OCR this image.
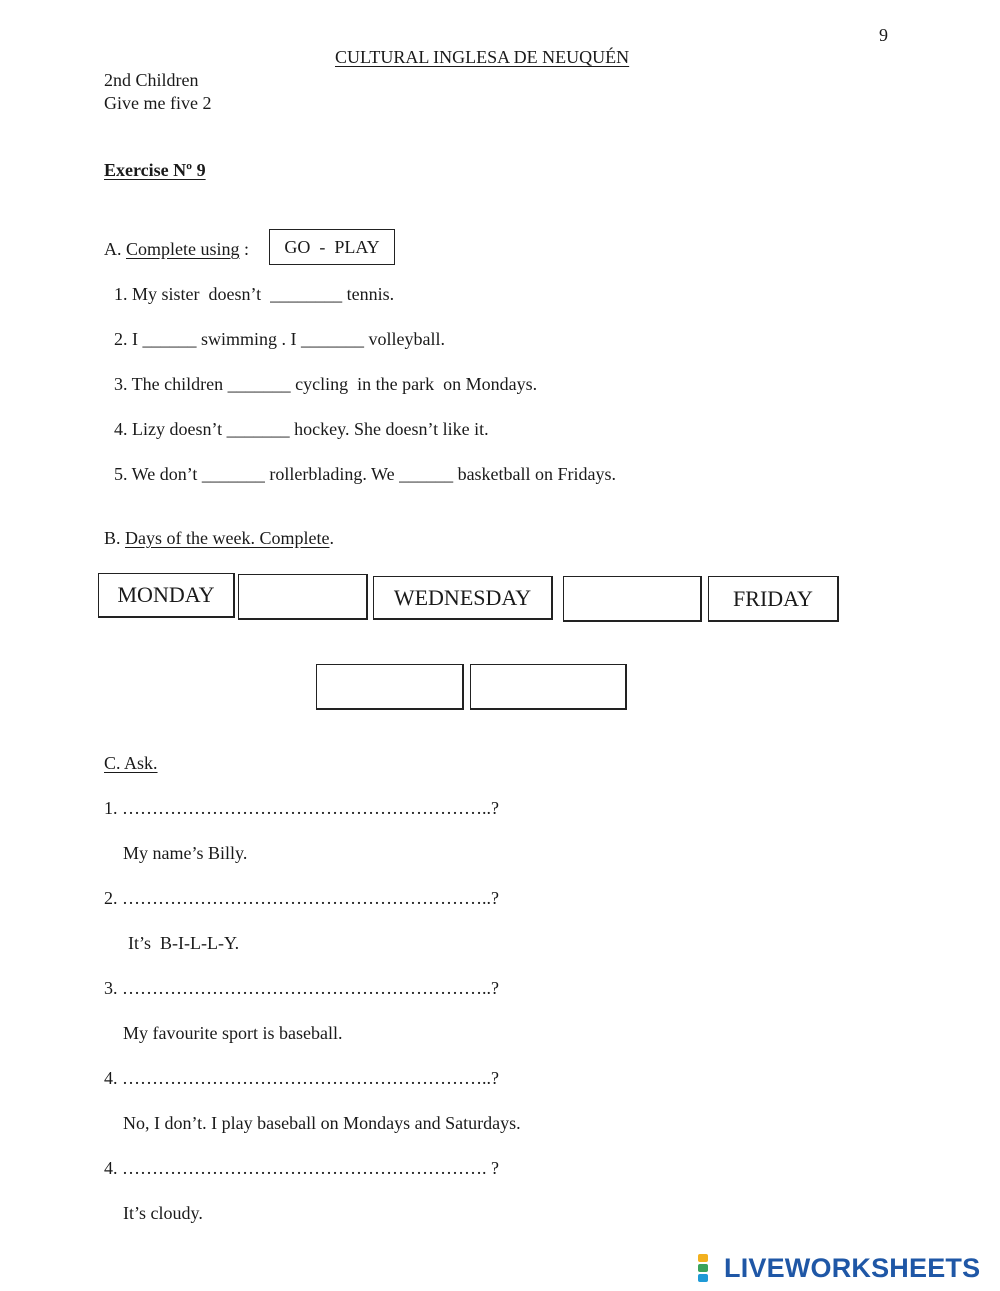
9
CULTURAL INGLESA DE NEUQUÉN
2nd Children
Give me five 2
Exercise Nº 9
A. Complete using : GO  -  PLAY
1. My sister  doesn’t  ________ tennis.
2. I ______ swimming . I _______ volleyball.
3. The children _______ cycling  in the park  on Mondays.
4. Lizy doesn’t _______ hockey. She doesn’t like it.
5. We don’t _______ rollerblading. We ______ basketball on Fridays.
B. Days of the week. Complete.
MONDAY	WEDNESDAY	FRIDAY
C. Ask.
1. ……………………………………………………..?
My name’s Billy.
2. ……………………………………………………..?
It’s  B-I-L-L-Y.
3. ……………………………………………………..?
My favourite sport is baseball.
4. ……………………………………………………..?
No, I don’t. I play baseball on Mondays and Saturdays.
4. ……………………………………………………. ?
It’s cloudy.
LIVEWORKSHEETS
